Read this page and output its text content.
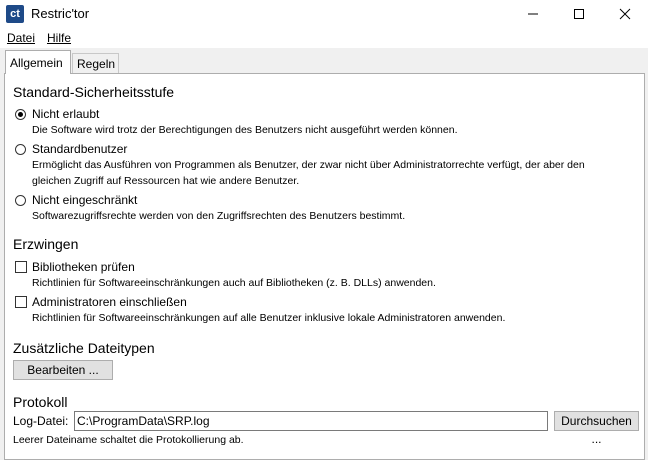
ct Restric'tor
Datei Hilfe
Allgemein	Regeln
Standard-Sicherheitsstufe
Nicht erlaubt
Die Software wird trotz der Berechtigungen des Benutzers nicht ausgeführt werden können.
Standardbenutzer
Ermöglicht das Ausführen von Programmen als Benutzer, der zwar nicht über Administratorrechte verfügt, der aber den
gleichen Zugriff auf Ressourcen hat wie andere Benutzer.
Nicht eingeschränkt
Softwarezugriffsrechte werden von den Zugriffsrechten des Benutzers bestimmt.
Erzwingen
Bibliotheken prüfen
Richtlinien für Softwareeinschränkungen auch auf Bibliotheken (z. B. DLLs) anwenden.
Administratoren einschließen
Richtlinien für Softwareeinschränkungen auf alle Benutzer inklusive lokale Administratoren anwenden.
Zusätzliche Dateitypen
Bearbeiten ...
Protokoll
Log-Datei:
C:\ProgramData\SRP.log	Durchsuchen ...
Leerer Dateiname schaltet die Protokollierung ab.
